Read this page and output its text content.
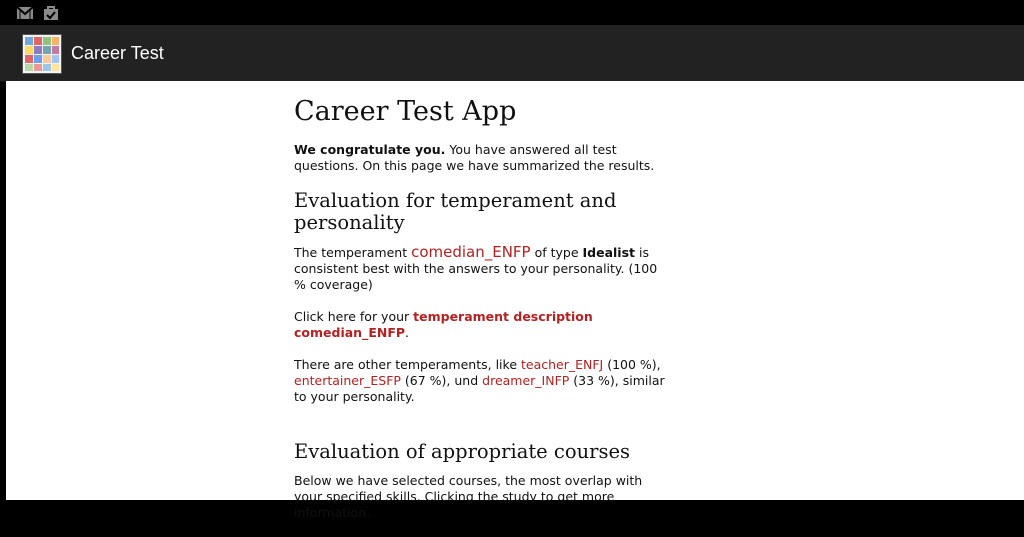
Career Test
Career Test App

We congratulate you. You have answered all test questions. On this page we have summarized the results.

Evaluation for temperament and personality

The temperament comedian_ENFP of type Idealist is consistent best with the answers to your personality. (100 % coverage)

Click here for your temperament description comedian_ENFP.

There are other temperaments, like teacher_ENFJ (100 %), entertainer_ESFP (67 %), und dreamer_INFP (33 %), similar to your personality.

Evaluation of appropriate courses

Below we have selected courses, the most overlap with your specified skills. Clicking the study to get more information.
